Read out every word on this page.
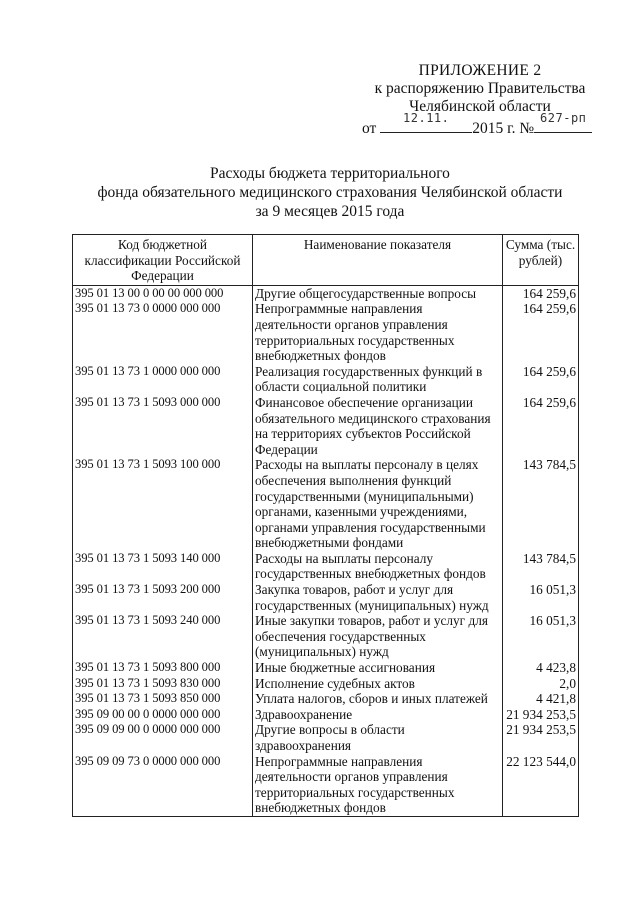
ПРИЛОЖЕНИЕ 2
к распоряжению Правительства
Челябинской области
от
12.11.
2015 г. №
627-рп
Расходы бюджета территориального
фонда обязательного медицинского страхования Челябинской области
за 9 месяцев 2015 года
Код бюджетной классификации Российской Федерации	Наименование показателя	Сумма (тыс. рублей)
395 01 13 00 0 00 00 000 000	Другие общегосударственные вопросы	164 259,6
395 01 13 73 0 0000 000 000	Непрограммные направления деятельности органов управления территориальных государственных внебюджетных фондов	164 259,6
395 01 13 73 1 0000 000 000	Реализация государственных функций в области социальной политики	164 259,6
395 01 13 73 1 5093 000 000	Финансовое обеспечение организации обязательного медицинского страхования на территориях субъектов Российской Федерации	164 259,6
395 01 13 73 1 5093 100 000	Расходы на выплаты персоналу в целях обеспечения выполнения функций государственными (муниципальными) органами, казенными учреждениями, органами управления государственными внебюджетными фондами	143 784,5
395 01 13 73 1 5093 140 000	Расходы на выплаты персоналу государственных внебюджетных фондов	143 784,5
395 01 13 73 1 5093 200 000	Закупка товаров, работ и услуг для государственных (муниципальных) нужд	16 051,3
395 01 13 73 1 5093 240 000	Иные закупки товаров, работ и услуг для обеспечения государственных (муниципальных) нужд	16 051,3
395 01 13 73 1 5093 800 000	Иные бюджетные ассигнования	4 423,8
395 01 13 73 1 5093 830 000	Исполнение судебных актов	2,0
395 01 13 73 1 5093 850 000	Уплата налогов, сборов и иных платежей	4 421,8
395 09 00 00 0 0000 000 000	Здравоохранение	21 934 253,5
395 09 09 00 0 0000 000 000	Другие вопросы в области здравоохранения	21 934 253,5
395 09 09 73 0 0000 000 000	Непрограммные направления деятельности органов управления территориальных государственных внебюджетных фондов	22 123 544,0
